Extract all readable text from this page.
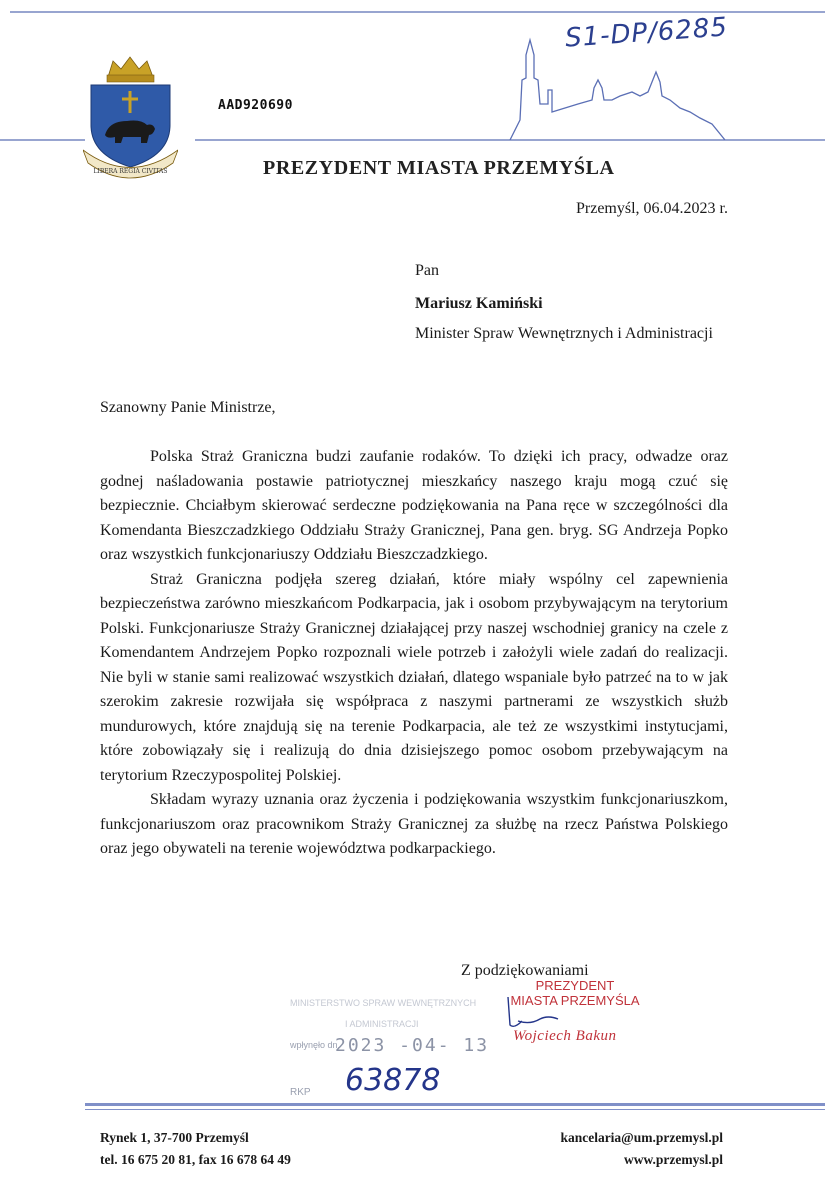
LIBERA REGIA CIVITAS
AAD920690
S1-DP/6285
PREZYDENT MIASTA PRZEMYŚLA
Przemyśl, 06.04.2023 r.
Pan
Mariusz Kamiński
Minister Spraw Wewnętrznych i Administracji
Szanowny Panie Ministrze,

Polska Straż Graniczna budzi zaufanie rodaków. To dzięki ich pracy, odwadze oraz godnej naśladowania postawie patriotycznej mieszkańcy naszego kraju mogą czuć się bezpiecznie. Chciałbym skierować serdeczne podziękowania na Pana ręce w szczególności dla Komendanta Bieszczadzkiego Oddziału Straży Granicznej, Pana gen. bryg. SG Andrzeja Popko oraz wszystkich funkcjonariuszy Oddziału Bieszczadzkiego.

Straż Graniczna podjęła szereg działań, które miały wspólny cel zapewnienia bezpieczeństwa zarówno mieszkańcom Podkarpacia, jak i osobom przybywającym na terytorium Polski. Funkcjonariusze Straży Granicznej działającej przy naszej wschodniej granicy na czele z Komendantem Andrzejem Popko rozpoznali wiele potrzeb i założyli wiele zadań do realizacji. Nie byli w stanie sami realizować wszystkich działań, dlatego wspaniale było patrzeć na to w jak szerokim zakresie rozwijała się współpraca z naszymi partnerami ze wszystkich służb mundurowych, które znajdują się na terenie Podkarpacia, ale też ze wszystkimi instytucjami, które zobowiązały się i realizują do dnia dzisiejszego pomoc osobom przebywającym na terytorium Rzeczypospolitej Polskiej.

Składam wyrazy uznania oraz życzenia i podziękowania wszystkim funkcjonariuszkom, funkcjonariuszom oraz pracownikom Straży Granicznej za służbę na rzecz Państwa Polskiego oraz jego obywateli na terenie województwa podkarpackiego.

Z podziękowaniami
MINISTERSTWO SPRAW WEWNĘTRZNYCH
I ADMINISTRACJI
wpłynęło dn.
2023 -04- 13
RKP 63878
PREZYDENT
MIASTA PRZEMYŚLA
Wojciech Bakun
Rynek 1, 37-700 Przemyśl
tel. 16 675 20 81, fax 16 678 64 49
kancelaria@um.przemysl.pl
www.przemysl.pl
